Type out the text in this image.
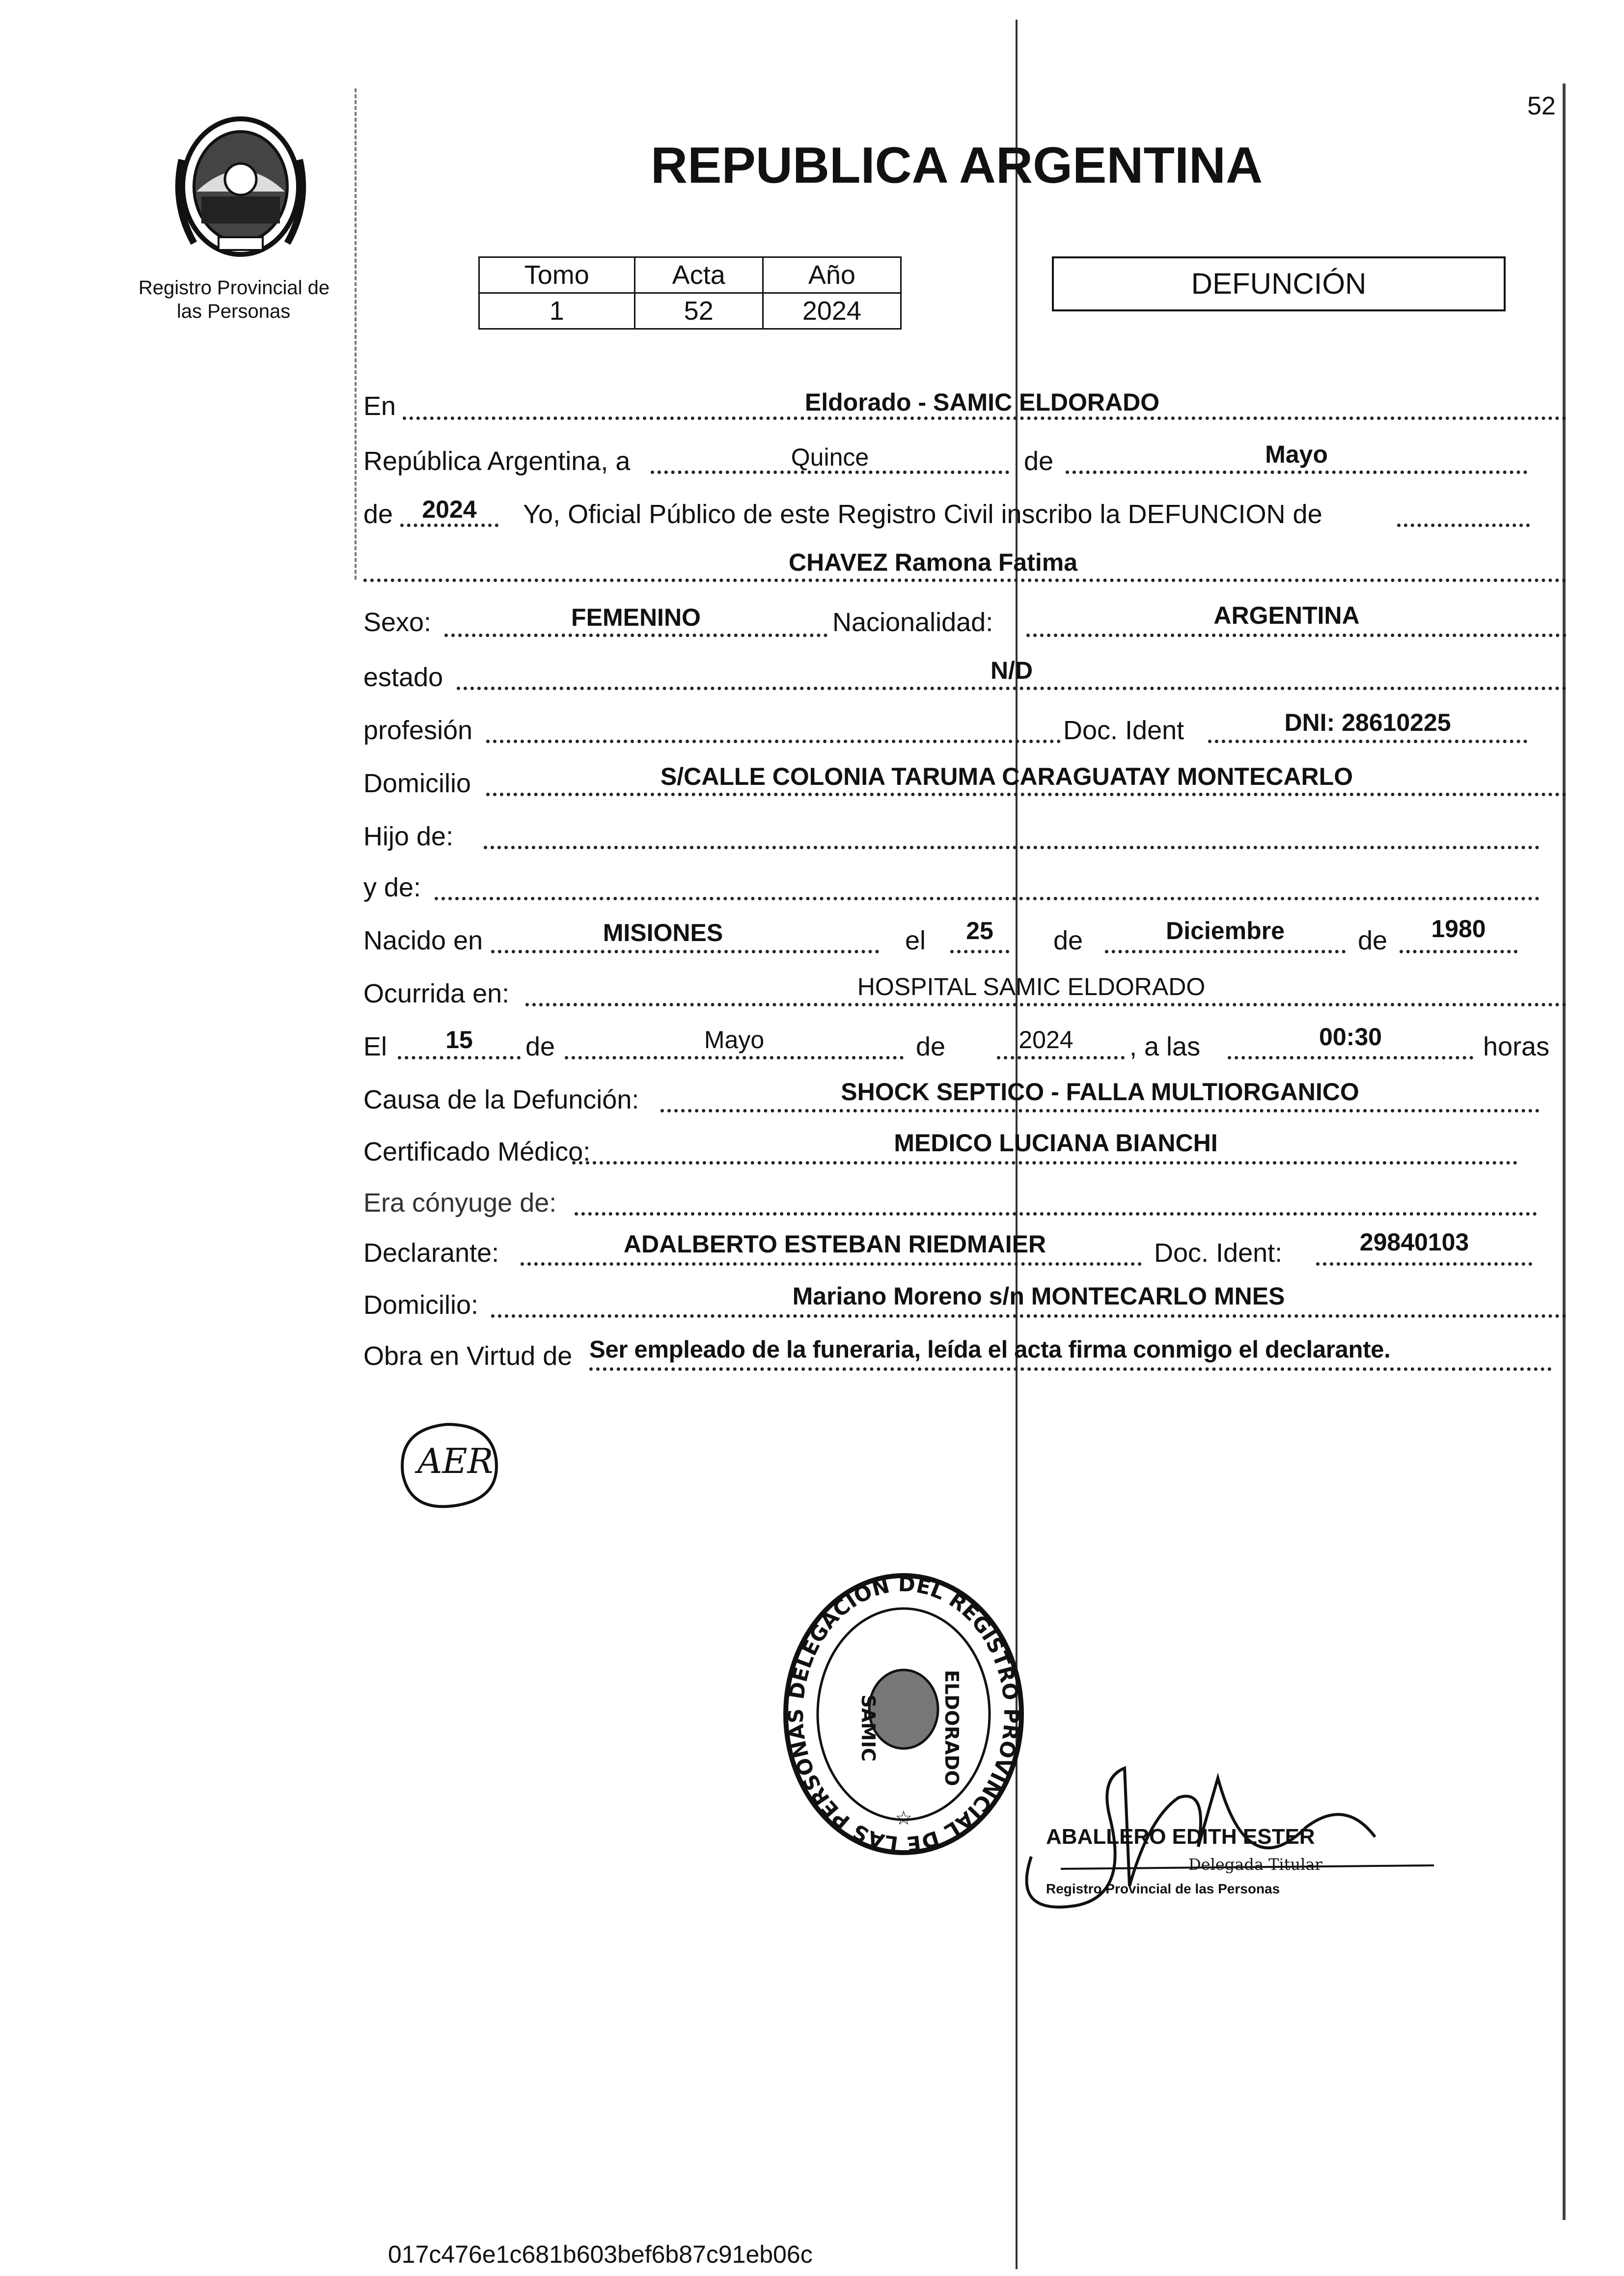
52
Registro Provincial de
las Personas
REPUBLICA ARGENTINA
Tomo	Acta	Año
1	52	2024
DEFUNCIÓN
En	Eldorado - SAMIC ELDORADO
República Argentina, a	Quince	de	Mayo
de	2024	Yo, Oficial Público de este Registro Civil inscribo la DEFUNCION de
CHAVEZ Ramona Fatima
Sexo:	FEMENINO	Nacionalidad:	ARGENTINA
estado	N/D
profesión	Doc. Ident	DNI: 28610225
Domicilio	S/CALLE COLONIA TARUMA CARAGUATAY MONTECARLO
Hijo de:
y de:
Nacido en	MISIONES	el	25	de	Diciembre	de	1980
Ocurrida en:	HOSPITAL SAMIC ELDORADO
El	15	de	Mayo	de	2024	, a las	00:30	horas
Causa de la Defunción:	SHOCK SEPTICO - FALLA MULTIORGANICO
Certificado Médico:	MEDICO LUCIANA BIANCHI
Era cónyuge de:
Declarante:	ADALBERTO ESTEBAN RIEDMAIER	Doc. Ident:	29840103
Domicilio:	Mariano Moreno s/n MONTECARLO MNES
Obra en Virtud de Ser empleado de la funeraria, leída el acta firma conmigo el declarante.
AER
DELEGACION DEL REGISTRO PROVINCIAL DE LAS PERSONAS	SAMIC	ELDORADO
☆
ABALLERO EDITH ESTER
Delegada Titular
Registro Provincial de las Personas
017c476e1c681b603bef6b87c91eb06c
